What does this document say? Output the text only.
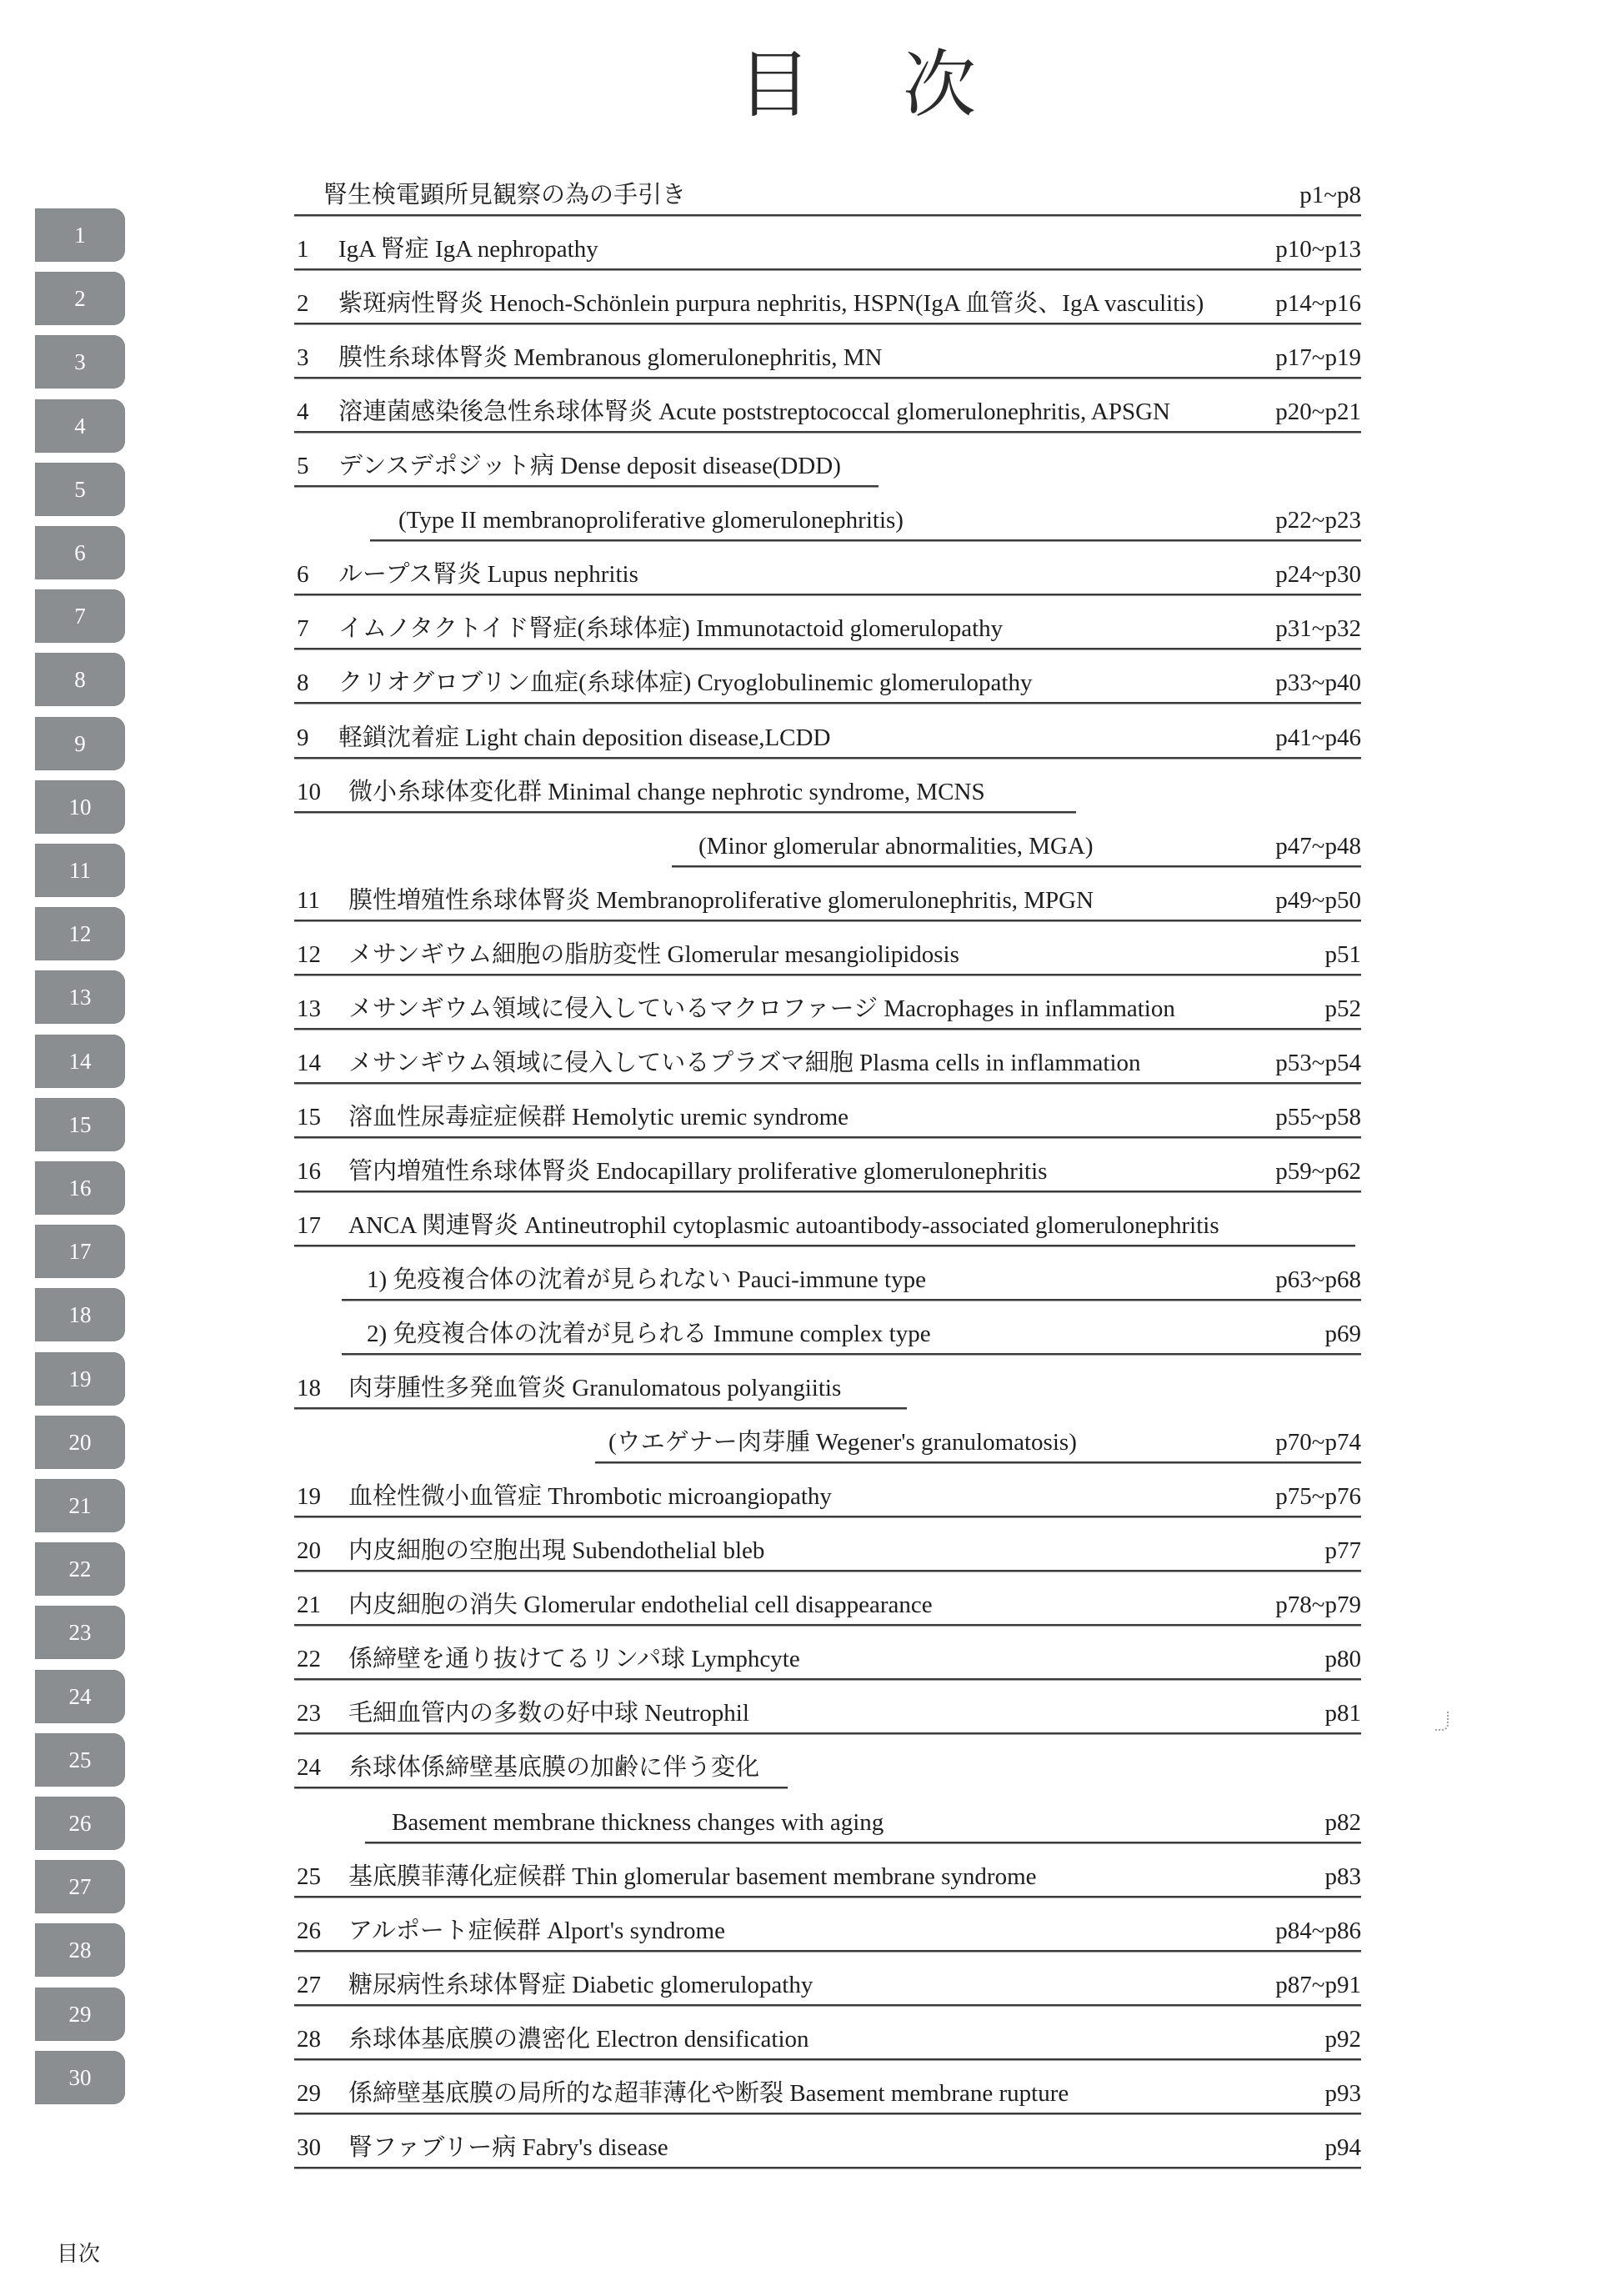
目次
1
2
3
4
5
6
7
8
9
10
11
12
13
14
15
16
17
18
19
20
21
22
23
24
25
26
27
28
29
30
腎生検電顕所見観察の為の手引き	p1~p8
1 IgA 腎症 IgA nephropathy	p10~p13
2 紫斑病性腎炎 Henoch-Schönlein purpura nephritis, HSPN(IgA 血管炎、IgA vasculitis)	p14~p16
3 膜性糸球体腎炎 Membranous glomerulonephritis, MN	p17~p19
4 溶連菌感染後急性糸球体腎炎 Acute poststreptococcal glomerulonephritis, APSGN	p20~p21
5 デンスデポジット病 Dense deposit disease(DDD)
(Type II membranoproliferative glomerulonephritis)	p22~p23
6 ループス腎炎 Lupus nephritis	p24~p30
7 イムノタクトイド腎症(糸球体症) Immunotactoid glomerulopathy	p31~p32
8 クリオグロブリン血症(糸球体症) Cryoglobulinemic glomerulopathy	p33~p40
9 軽鎖沈着症 Light chain deposition disease,LCDD	p41~p46
10 微小糸球体変化群 Minimal change nephrotic syndrome, MCNS
(Minor glomerular abnormalities, MGA)	p47~p48
11 膜性増殖性糸球体腎炎 Membranoproliferative glomerulonephritis, MPGN	p49~p50
12 メサンギウム細胞の脂肪変性 Glomerular mesangiolipidosis	p51
13 メサンギウム領域に侵入しているマクロファージ Macrophages in inflammation	p52
14 メサンギウム領域に侵入しているプラズマ細胞 Plasma cells in inflammation	p53~p54
15 溶血性尿毒症症候群 Hemolytic uremic syndrome	p55~p58
16 管内増殖性糸球体腎炎 Endocapillary proliferative glomerulonephritis	p59~p62
17 ANCA 関連腎炎 Antineutrophil cytoplasmic autoantibody-associated glomerulonephritis
1) 免疫複合体の沈着が見られない Pauci-immune type	p63~p68
2) 免疫複合体の沈着が見られる Immune complex type	p69
18 肉芽腫性多発血管炎 Granulomatous polyangiitis
(ウエゲナー肉芽腫 Wegener's granulomatosis)	p70~p74
19 血栓性微小血管症 Thrombotic microangiopathy	p75~p76
20 内皮細胞の空胞出現 Subendothelial bleb	p77
21 内皮細胞の消失 Glomerular endothelial cell disappearance	p78~p79
22 係締壁を通り抜けてるリンパ球 Lymphcyte	p80
23 毛細血管内の多数の好中球 Neutrophil	p81
24 糸球体係締壁基底膜の加齢に伴う変化
Basement membrane thickness changes with aging	p82
25 基底膜菲薄化症候群 Thin glomerular basement membrane syndrome	p83
26 アルポート症候群 Alport's syndrome	p84~p86
27 糖尿病性糸球体腎症 Diabetic glomerulopathy	p87~p91
28 糸球体基底膜の濃密化 Electron densification	p92
29 係締壁基底膜の局所的な超菲薄化や断裂 Basement membrane rupture	p93
30 腎ファブリー病 Fabry's disease	p94
目次
